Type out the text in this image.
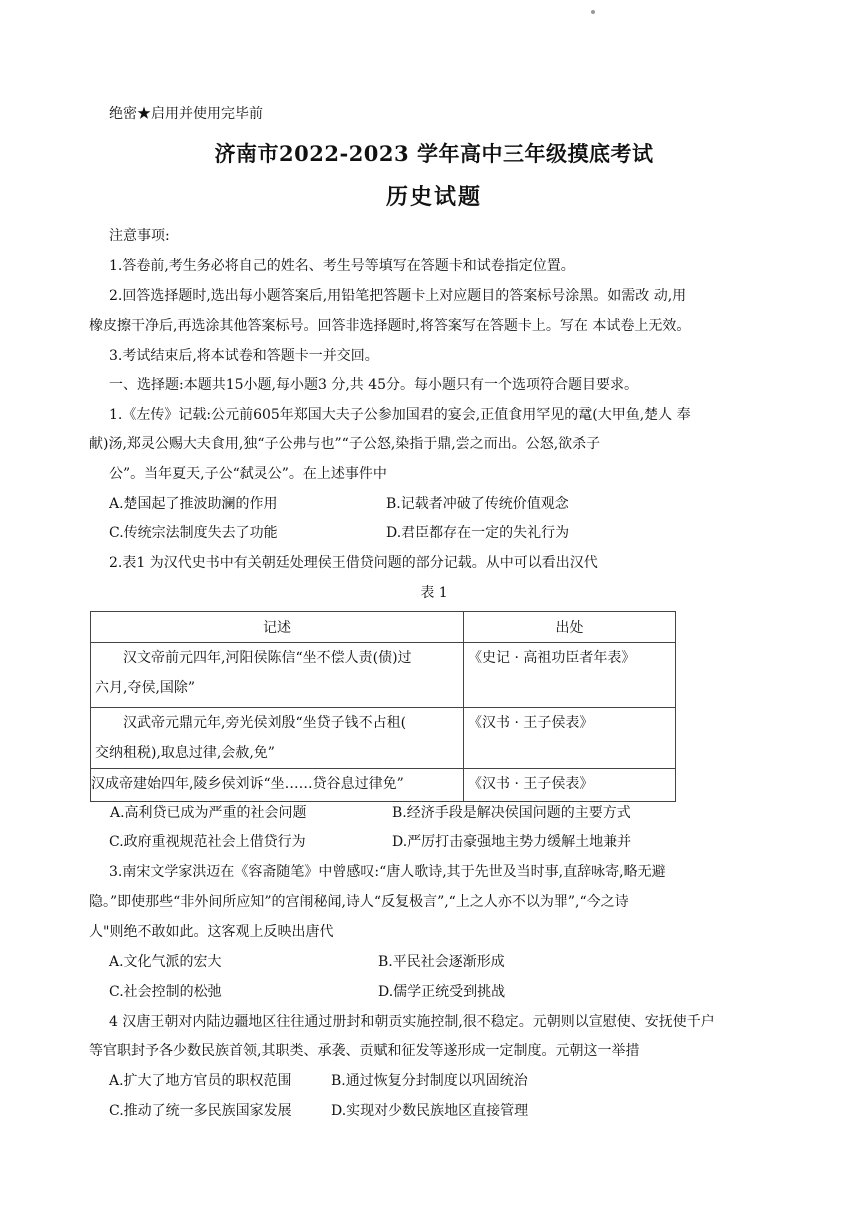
绝密★启用并使用完毕前
济南市2022-2023 学年高中三年级摸底考试
历史试题
注意事项:
1.答卷前,考生务必将自己的姓名、考生号等填写在答题卡和试卷指定位置。
2.回答选择题时,选出每小题答案后,用铅笔把答题卡上对应题目的答案标号涂黑。如需改 动,用
橡皮擦干净后,再选涂其他答案标号。回答非选择题时,将答案写在答题卡上。写在 本试卷上无效。
3.考试结束后,将本试卷和答题卡一并交回。
一、选择题:本题共15小题,每小题3 分,共 45分。每小题只有一个选项符合题目要求。
1.《左传》记载:公元前605年郑国大夫子公参加国君的宴会,正值食用罕见的鼋(大甲鱼,楚人 奉
献)汤,郑灵公赐大夫食用,独“子公弗与也”“子公怒,染指于鼎,尝之而出。公怒,欲杀子
公”。当年夏天,子公“弑灵公”。在上述事件中
A.楚国起了推波助澜的作用	B.记载者冲破了传统价值观念
C.传统宗法制度失去了功能	D.君臣都存在一定的失礼行为
2.表1 为汉代史书中有关朝廷处理侯王借贷问题的部分记载。从中可以看出汉代
表 1
记述	出处

　　汉文帝前元四年,河阳侯陈信“坐不偿人责(债)过
六月,夺侯,国除”	《史记 · 高祖功臣者年表》

　　汉武帝元鼎元年,旁光侯刘殷“坐贷子钱不占租(
交纳租税),取息过律,会赦,免”	《汉书 · 王子侯表》

汉成帝建始四年,陵乡侯刘诉“坐……贷谷息过律免”	《汉书 · 王子侯表》
A.高利贷已成为严重的社会问题	B.经济手段是解决侯国问题的主要方式
C.政府重视规范社会上借贷行为	D.严厉打击豪强地主势力缓解土地兼并
3.南宋文学家洪迈在《容斋随笔》中曾感叹:“唐人歌诗,其于先世及当时事,直辞咏寄,略无避
隐。”即使那些“非外间所应知”的宫闱秘闻,诗人“反复极言”,“上之人亦不以为罪”,“今之诗
人"则绝不敢如此。这客观上反映出唐代
A.文化气派的宏大	B.平民社会逐渐形成
C.社会控制的松弛	D.儒学正统受到挑战
4 汉唐王朝对内陆边疆地区往往通过册封和朝贡实施控制,很不稳定。元朝则以宣慰使、安抚使千户
等官职封予各少数民族首领,其职类、承袭、贡赋和征发等遂形成一定制度。元朝这一举措
A.扩大了地方官员的职权范围	B.通过恢复分封制度以巩固统治
C.推动了统一多民族国家发展	D.实现对少数民族地区直接管理
